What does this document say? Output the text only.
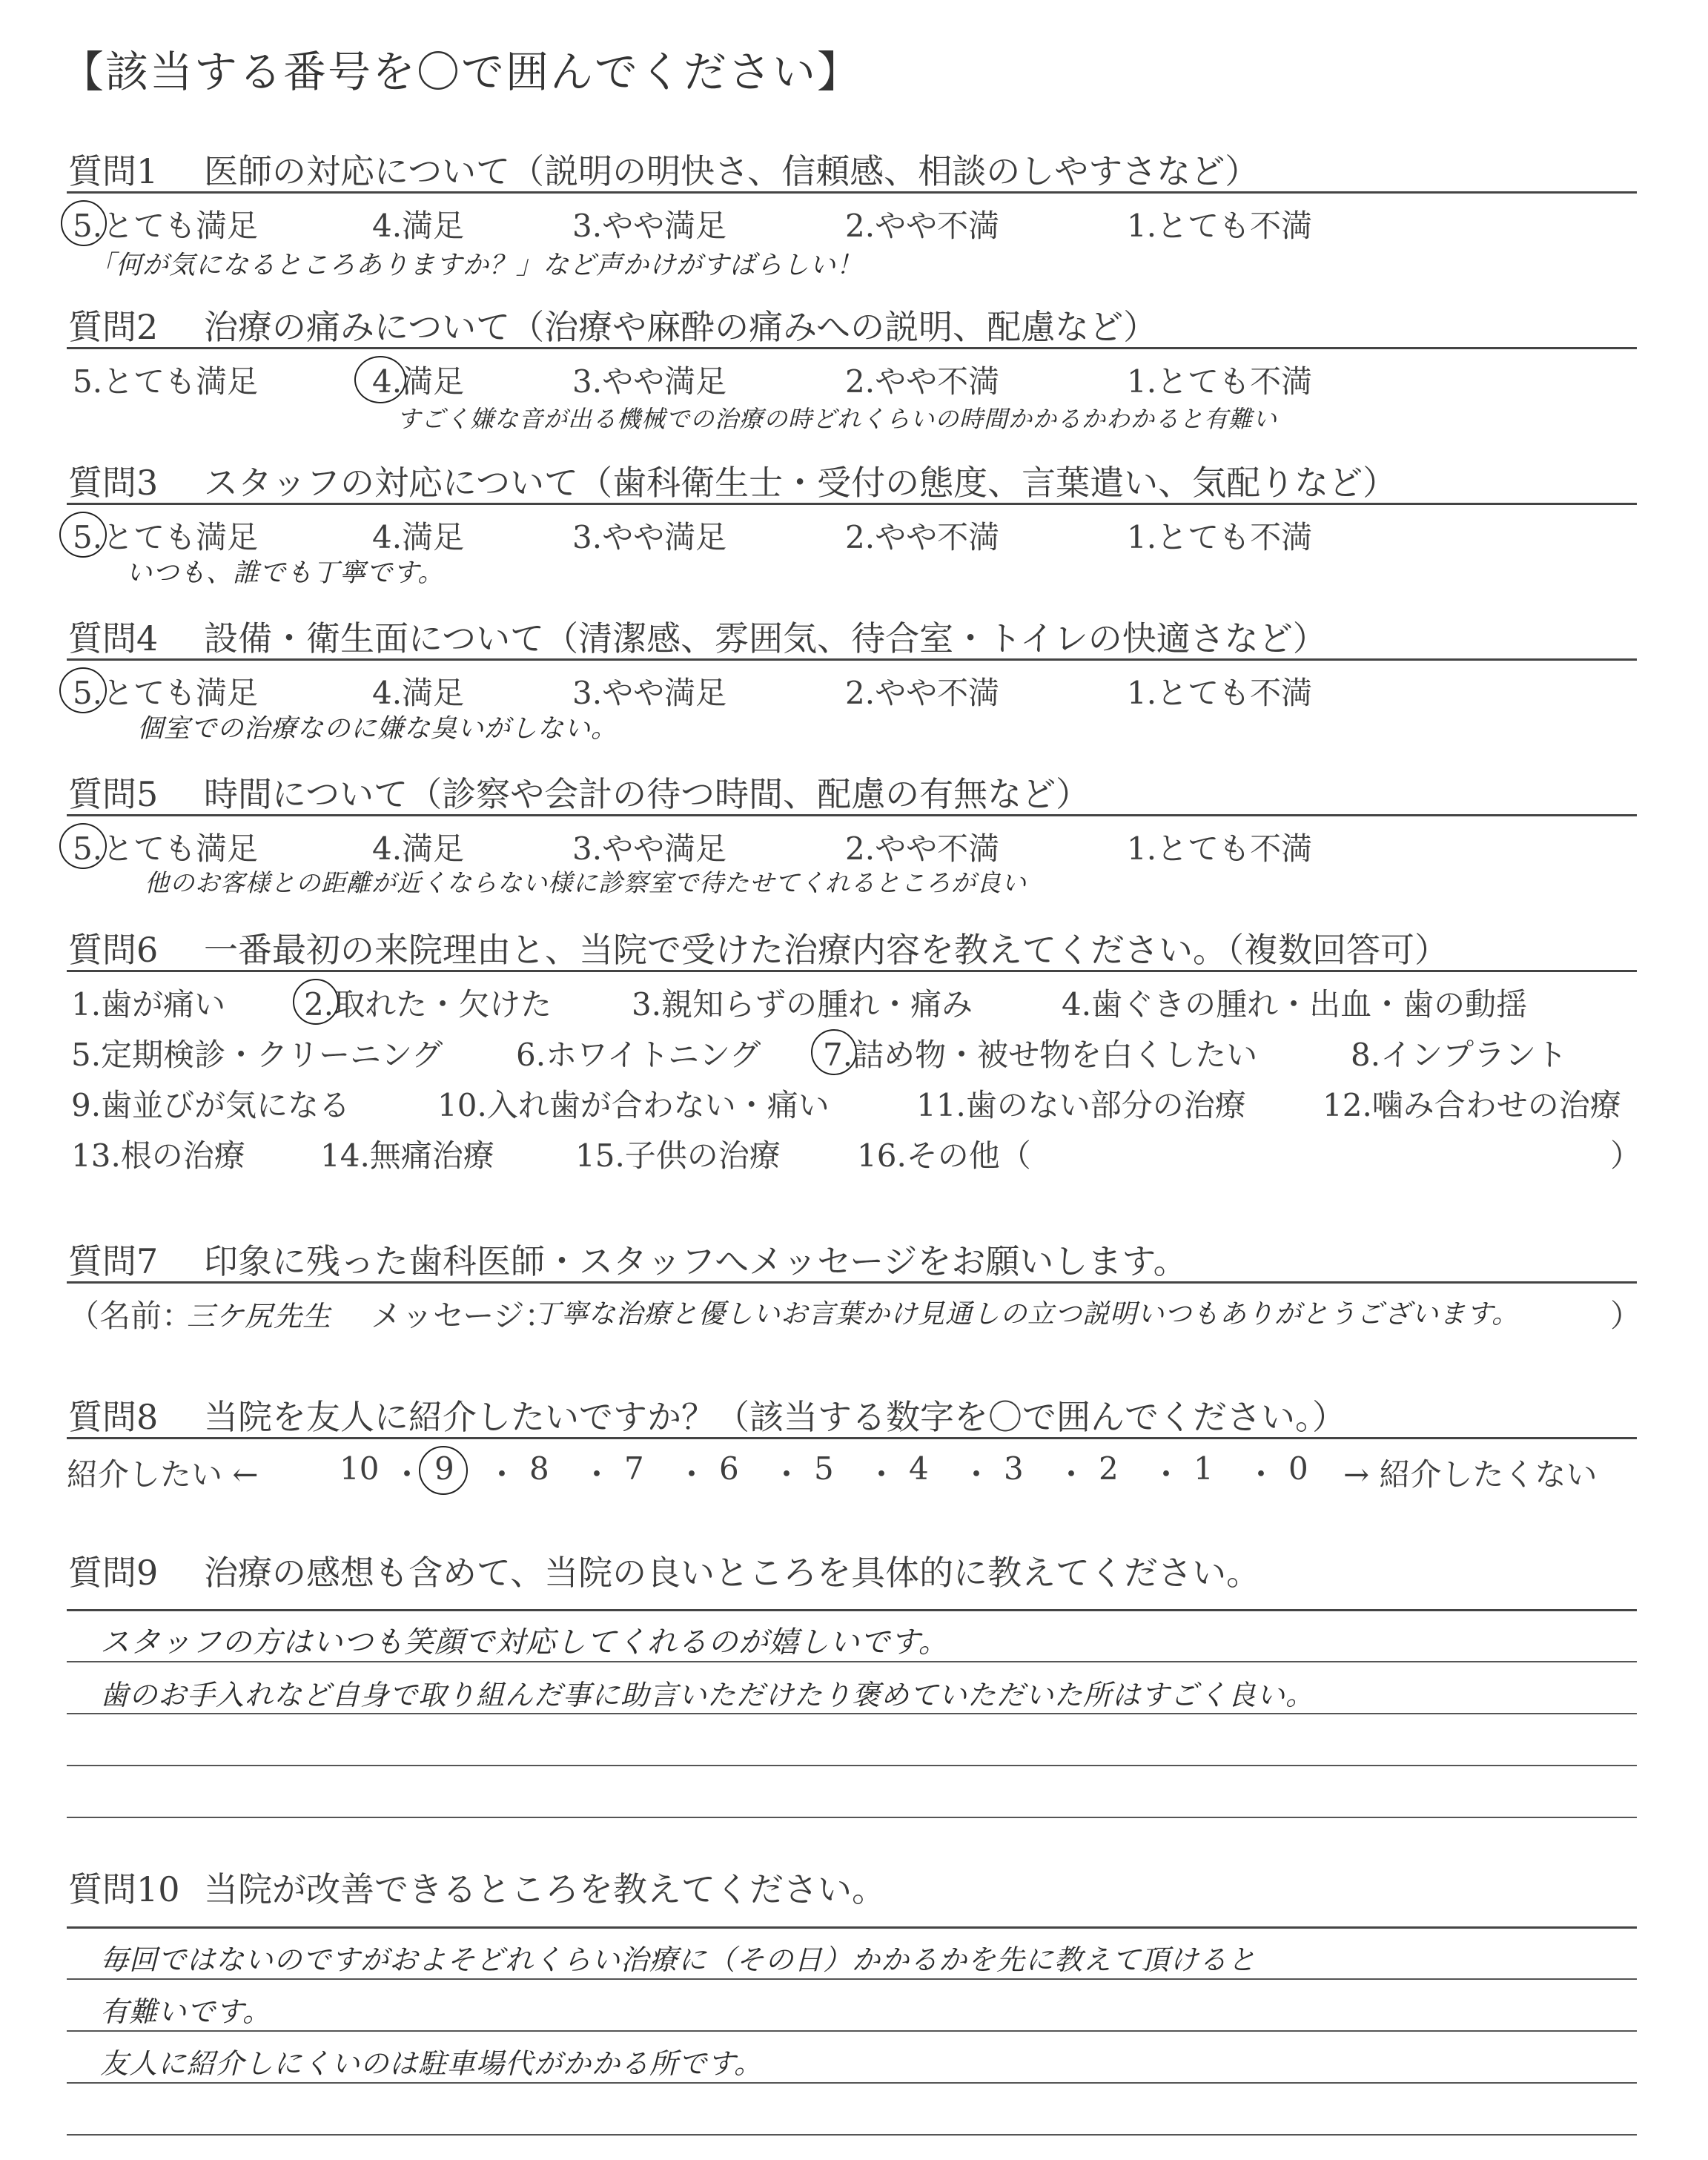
【該当する番号を〇で囲んでください】
質問1 医師の対応について（説明の明快さ、信頼感、相談のしやすさなど）
5.とても満足	4.満足	3.やや満足	2.やや不満	1.とても不満
「何が気になるところありますか？」など声かけがすばらしい！
質問2 治療の痛みについて（治療や麻酔の痛みへの説明、配慮など）
5.とても満足	4.満足	3.やや満足	2.やや不満	1.とても不満
すごく嫌な音が出る機械での治療の時どれくらいの時間かかるかわかると有難い
質問3 スタッフの対応について（歯科衛生士・受付の態度、言葉遣い、気配りなど）
5.とても満足	4.満足	3.やや満足	2.やや不満	1.とても不満
いつも、誰でも丁寧です。
質問4 設備・衛生面について（清潔感、雰囲気、待合室・トイレの快適さなど）
5.とても満足	4.満足	3.やや満足	2.やや不満	1.とても不満
個室での治療なのに嫌な臭いがしない。
質問5 時間について（診察や会計の待つ時間、配慮の有無など）
5.とても満足	4.満足	3.やや満足	2.やや不満	1.とても不満
他のお客様との距離が近くならない様に診察室で待たせてくれるところが良い
質問6 一番最初の来院理由と、当院で受けた治療内容を教えてください。（複数回答可）
1.歯が痛い	2.取れた・欠けた	3.親知らずの腫れ・痛み	4.歯ぐきの腫れ・出血・歯の動揺
5.定期検診・クリーニング 6.ホワイトニング 7.詰め物・被せ物を白くしたい	8.インプラント
9.歯並びが気になる	10.入れ歯が合わない・痛い	11.歯のない部分の治療 12.噛み合わせの治療
13.根の治療 14.無痛治療	15.子供の治療 16.その他（	）
質問7 印象に残った歯科医師・スタッフへメッセージをお願いします。
（名前：
三ケ尻先生 メッセージ：
丁寧な治療と優しいお言葉かけ見通しの立つ説明いつもありがとうございます。	）
質問8 当院を友人に紹介したいですか？（該当する数字を〇で囲んでください。）
紹介したい ←	→ 紹介したくない
10 ・ 9 ・ 8 ・ 7 ・ 6 ・ 5 ・ 4 ・ 3 ・ 2 ・ 1 ・ 0
質問9 治療の感想も含めて、当院の良いところを具体的に教えてください。
スタッフの方はいつも笑顔で対応してくれるのが嬉しいです。
歯のお手入れなど自身で取り組んだ事に助言いただけたり褒めていただいた所はすごく良い。
質問10 当院が改善できるところを教えてください。
毎回ではないのですがおよそどれくらい治療に（その日）かかるかを先に教えて頂けると
有難いです。
友人に紹介しにくいのは駐車場代がかかる所です。
